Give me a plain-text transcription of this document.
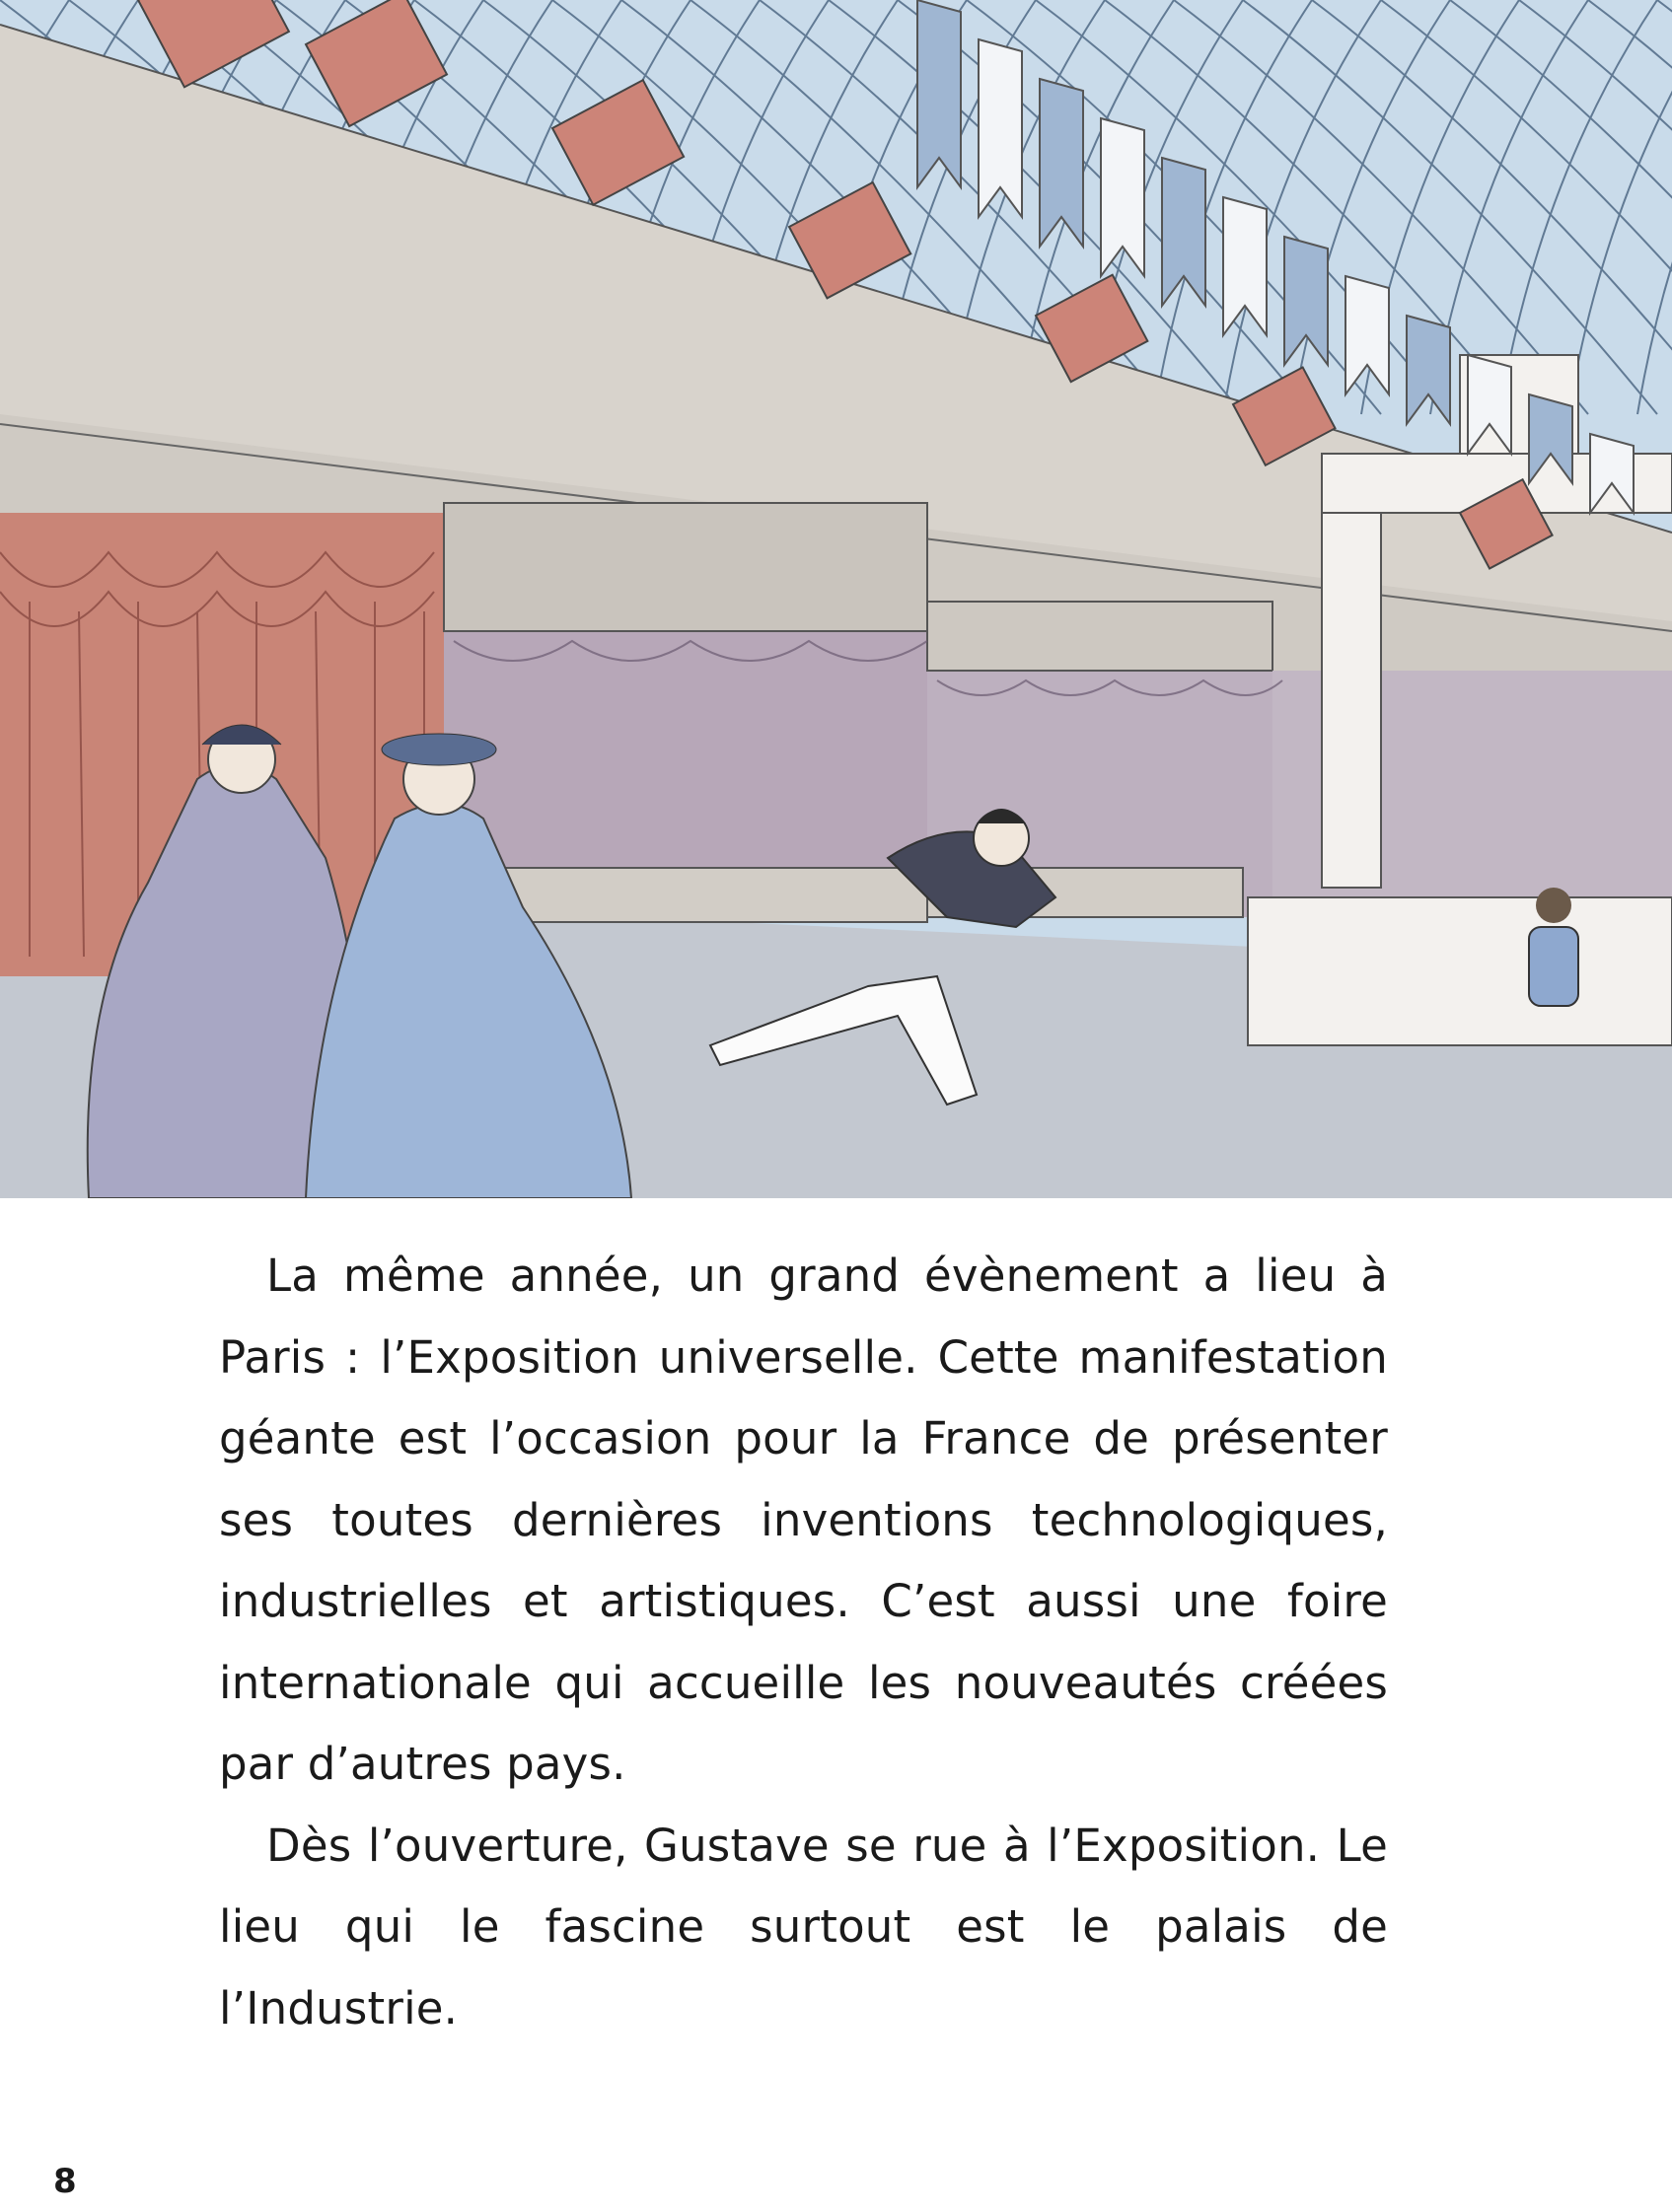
La même année, un grand évènement a lieu à Paris : l’Exposition universelle. Cette manifestation géante est l’occasion pour la France de présenter ses toutes dernières inventions technologiques, industrielles et artistiques. C’est aussi une foire internationale qui accueille les nouveautés créées par d’autres pays.

Dès l’ouverture, Gustave se rue à l’Exposition. Le lieu qui le fascine surtout est le palais de l’Industrie.

8
